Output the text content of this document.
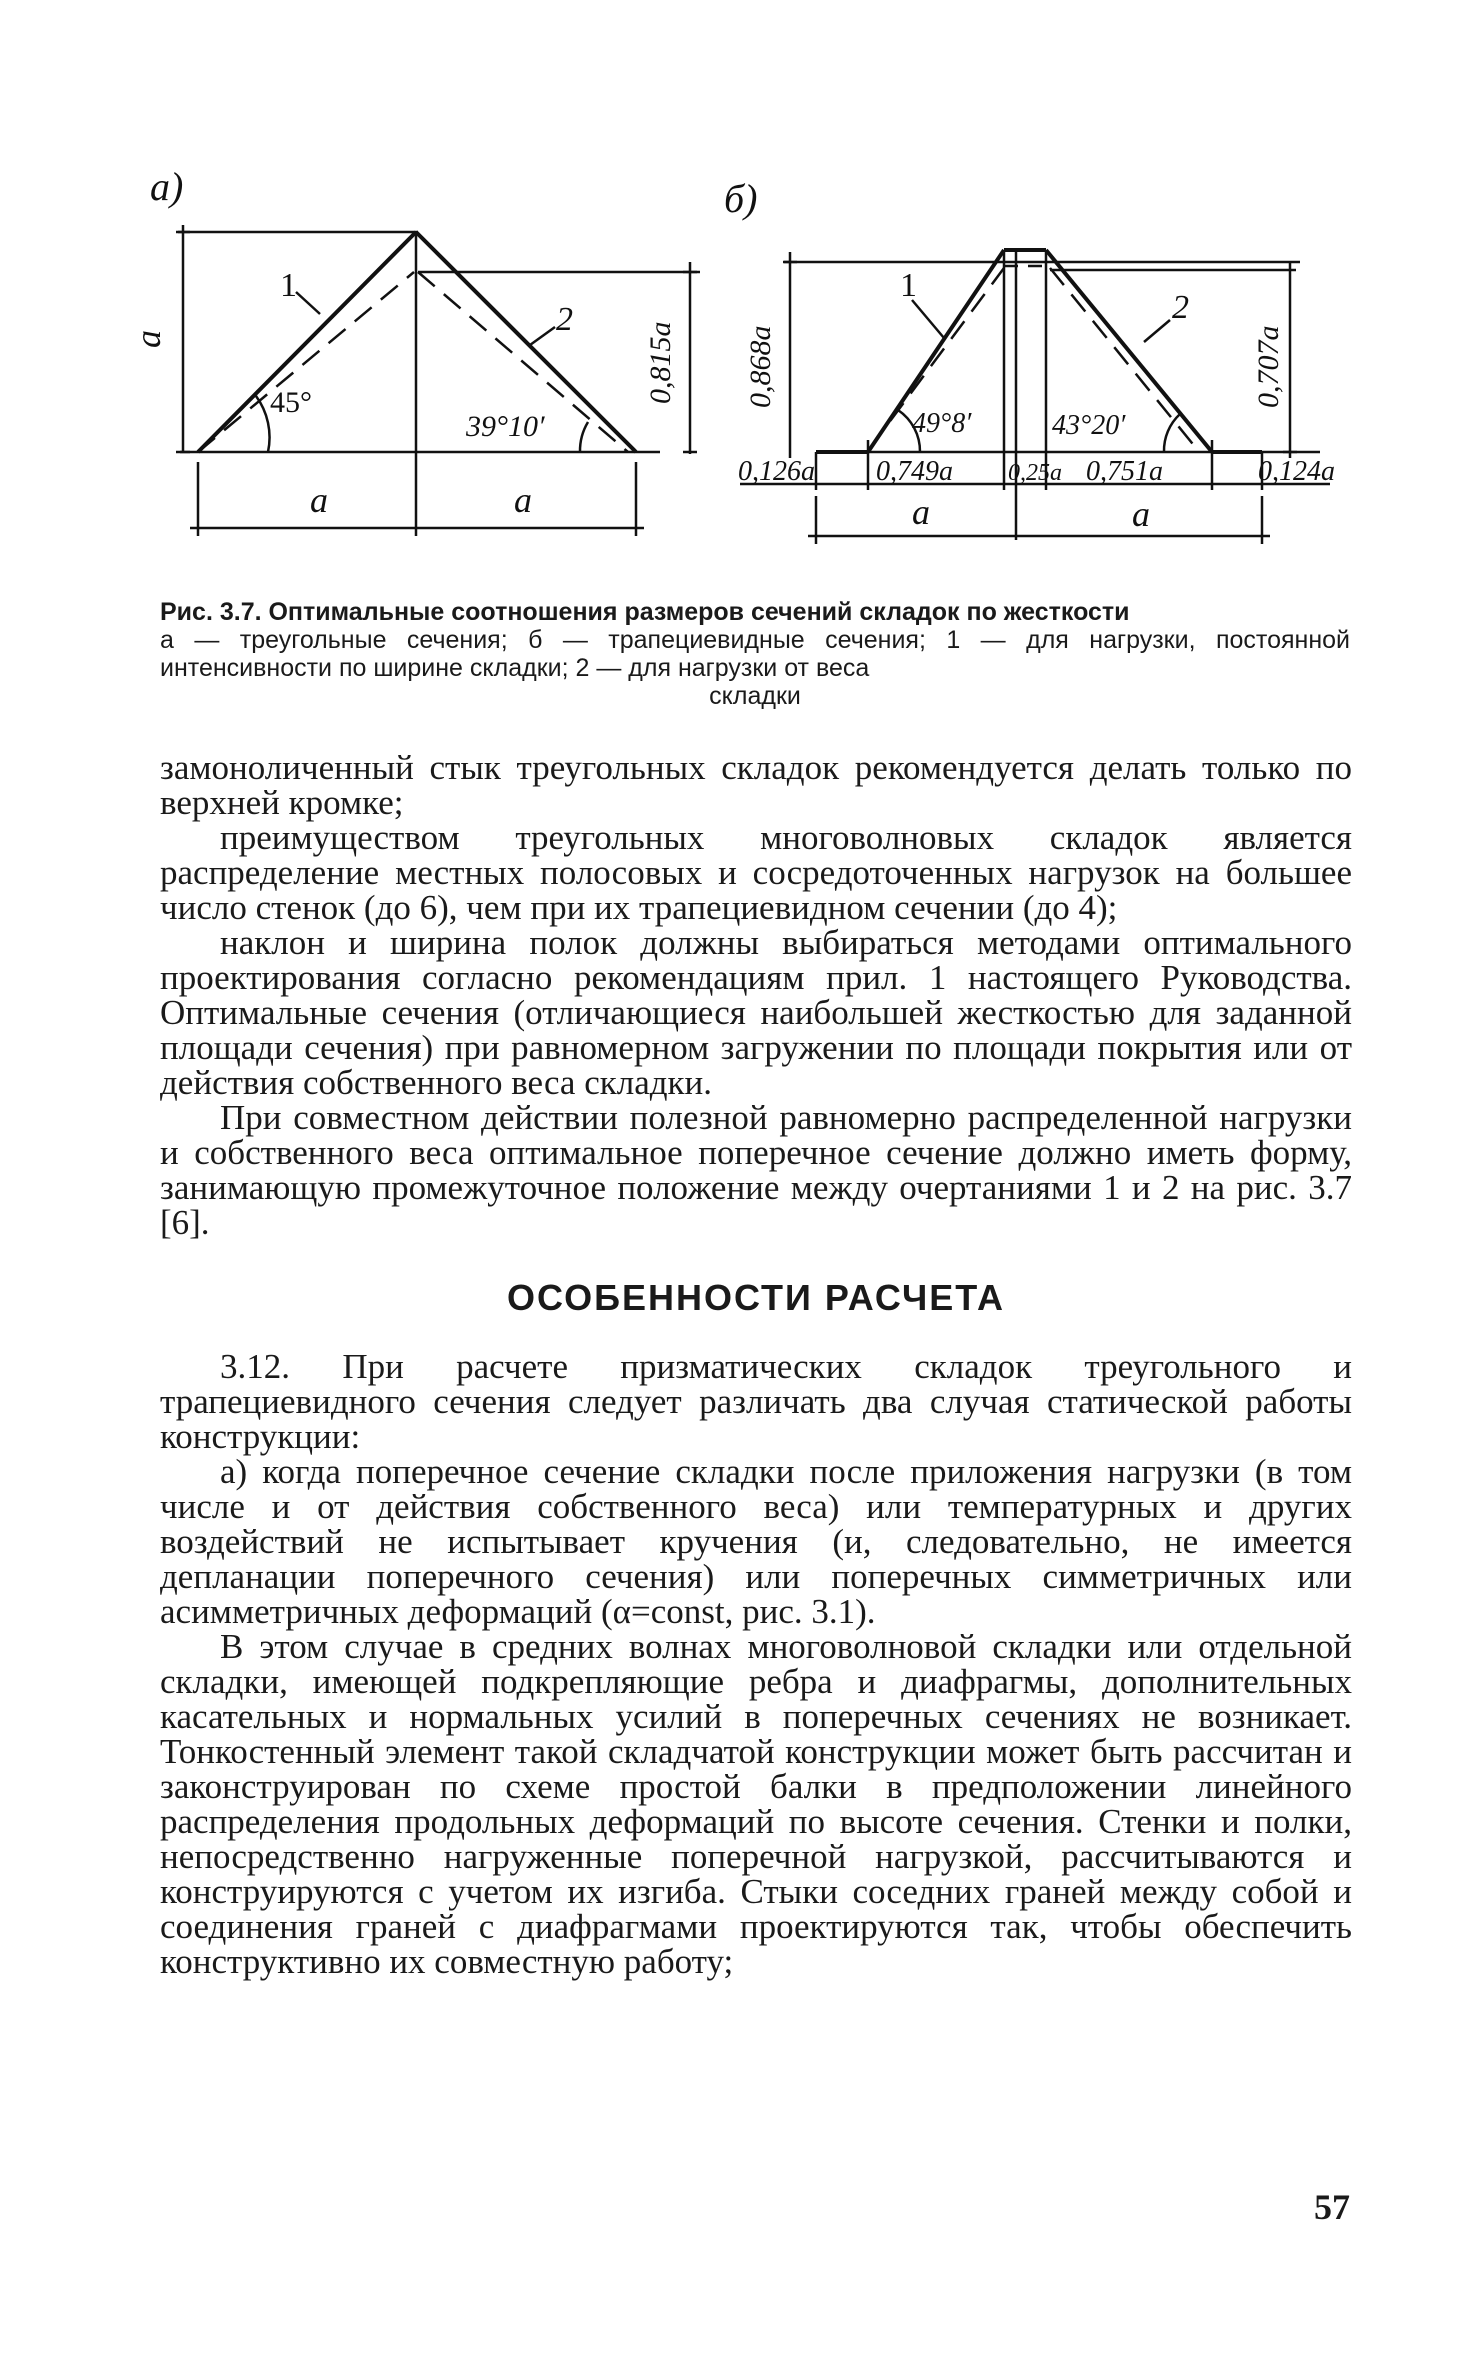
а)
а
1
2
45°
39°10′
0,815а
а	а
б)
0,868а
1
2
49°8′	43°20′
0,707а
0,126а 0,749а 0,25а 0,751а	0,124а
а	а
Рис. 3.7. Оптимальные соотношения размеров сечений складок по жесткости
а — треугольные сечения; б — трапециевидные сечения; 1 — для нагрузки, постоянной интенсивности по ширине складки; 2 — для нагрузки от веса
складки

замоноличенный стык треугольных складок рекомендуется делать только по верхней кромке;

преимуществом треугольных многоволновых складок является распределение местных полосовых и сосредоточенных нагрузок на большее число стенок (до 6), чем при их трапециевидном сечении (до 4);

наклон и ширина полок должны выбираться методами оптимального проектирования согласно рекомендациям прил. 1 настоящего Руководства. Оптимальные сечения (отличающиеся наибольшей жесткостью для заданной площади сечения) при равномерном загружении по площади покрытия или от действия собственного веса складки.

При совместном действии полезной равномерно распределенной нагрузки и собственного веса оптимальное поперечное сечение должно иметь форму, занимающую промежуточное положение между очертаниями 1 и 2 на рис. 3.7 [6].

ОСОБЕННОСТИ РАСЧЕТА

3.12. При расчете призматических складок треугольного и трапециевидного сечения следует различать два случая статической работы конструкции:

а) когда поперечное сечение складки после приложения нагрузки (в том числе и от действия собственного веса) или температурных и других воздействий не испытывает кручения (и, следовательно, не имеется депланации поперечного сечения) или поперечных симметричных или асимметричных деформаций (α=const, рис. 3.1).

В этом случае в средних волнах многоволновой складки или отдельной складки, имеющей подкрепляющие ребра и диафрагмы, дополнительных касательных и нормальных усилий в поперечных сечениях не возникает. Тонкостенный элемент такой складчатой конструкции может быть рассчитан и законструирован по схеме простой балки в предположении линейного распределения продольных деформаций по высоте сечения. Стенки и полки, непосредственно нагруженные поперечной нагрузкой, рассчитываются и конструируются с учетом их изгиба. Стыки соседних граней между собой и соединения граней с диафрагмами проектируются так, чтобы обеспечить конструктивно их совместную работу;

57
